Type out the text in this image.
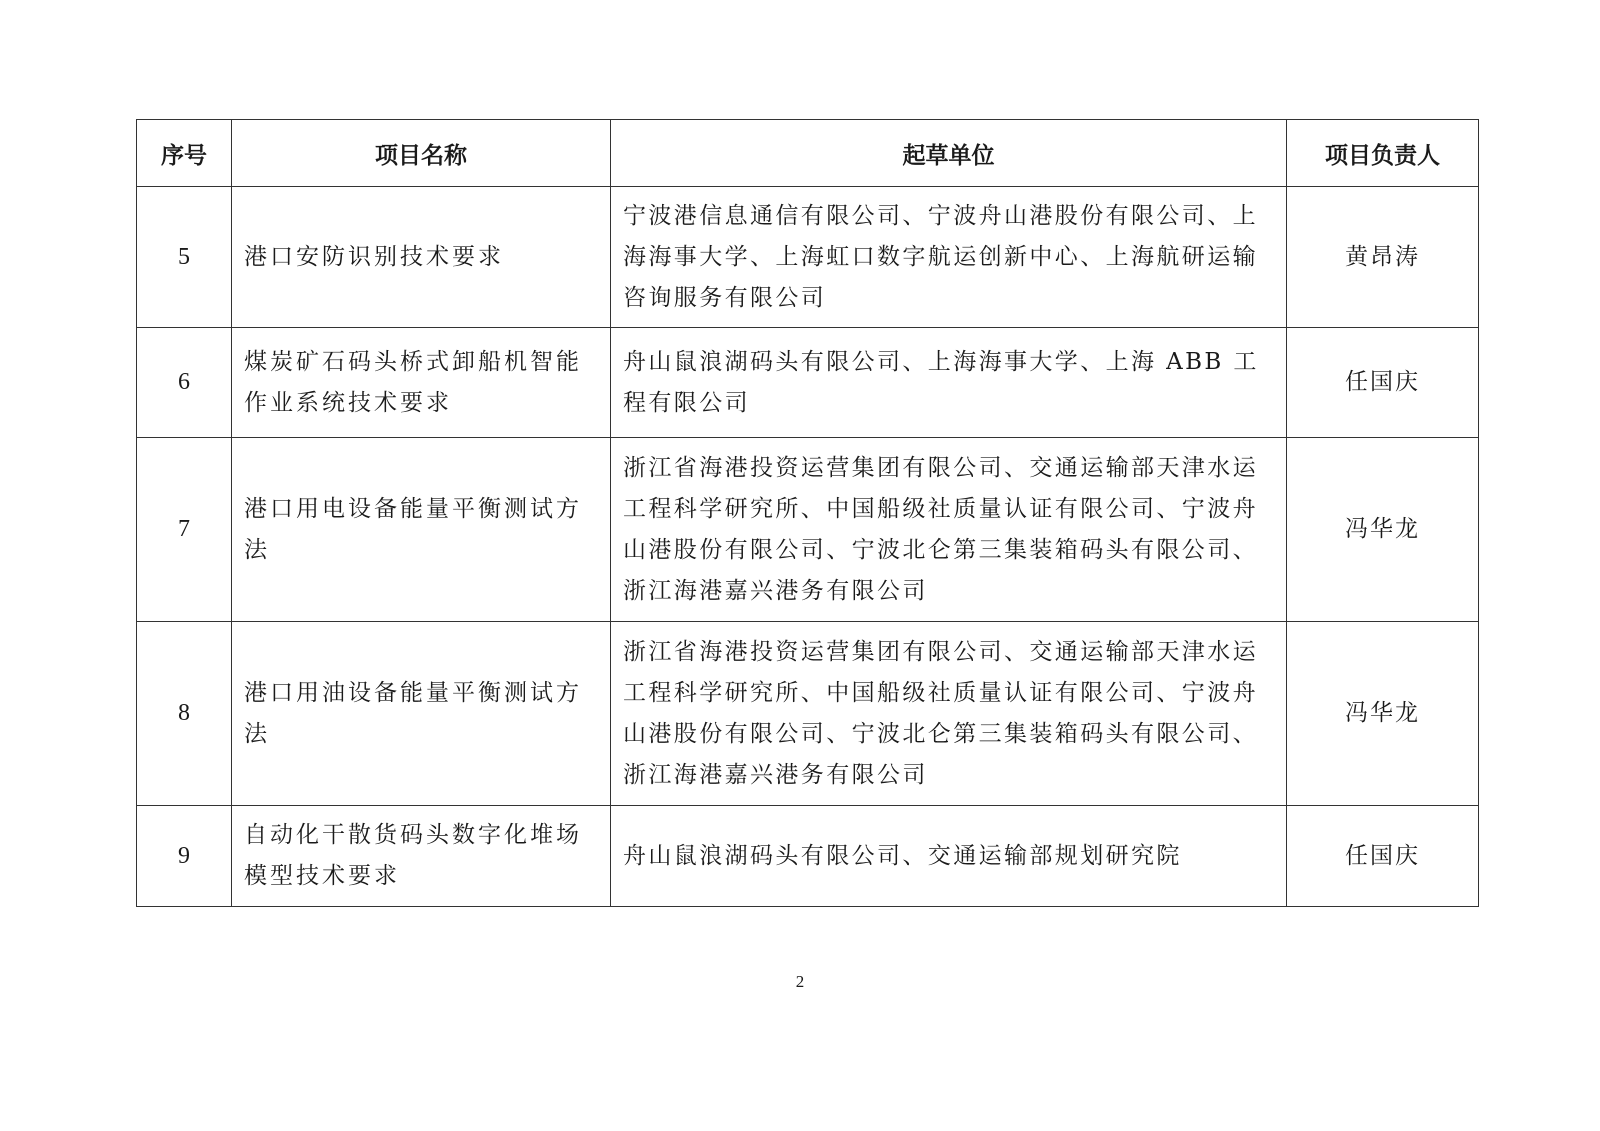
序号	项目名称	起草单位	项目负责人
5	港口安防识别技术要求	宁波港信息通信有限公司、宁波舟山港股份有限公司、上海海事大学、上海虹口数字航运创新中心、上海航研运输咨询服务有限公司	黄昂涛
6	煤炭矿石码头桥式卸船机智能作业系统技术要求	舟山鼠浪湖码头有限公司、上海海事大学、上海 ABB 工程有限公司	任国庆
7	港口用电设备能量平衡测试方法	浙江省海港投资运营集团有限公司、交通运输部天津水运工程科学研究所、中国船级社质量认证有限公司、宁波舟山港股份有限公司、宁波北仑第三集装箱码头有限公司、浙江海港嘉兴港务有限公司	冯华龙
8	港口用油设备能量平衡测试方法	浙江省海港投资运营集团有限公司、交通运输部天津水运工程科学研究所、中国船级社质量认证有限公司、宁波舟山港股份有限公司、宁波北仑第三集装箱码头有限公司、浙江海港嘉兴港务有限公司	冯华龙
9	自动化干散货码头数字化堆场模型技术要求	舟山鼠浪湖码头有限公司、交通运输部规划研究院	任国庆
2
